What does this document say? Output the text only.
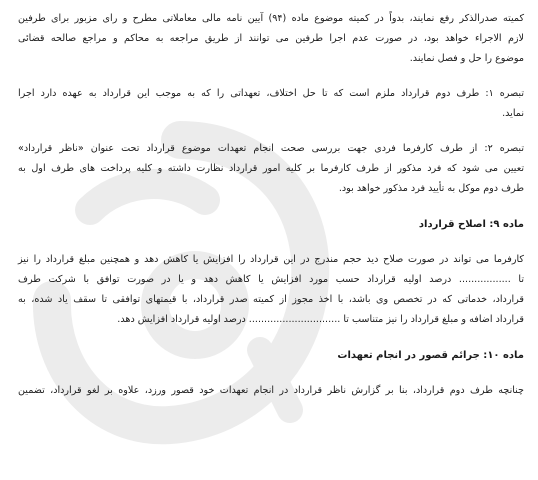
کمیته صدرالذکر رفع نمایند، بدواً در کمیته موضوع ماده (۹۴) آیین نامه مالی معاملاتی مطرح و رای مزبور برای طرفین
لازم الاجراء خواهد بود، در صورت عدم اجرا طرفین می توانند از طریق مراجعه به محاکم و مراجع صالحه قضائی
موضوع را حل و فصل نمایند.
تبصره ۱: طرف دوم قرارداد ملزم است که تا حل اختلاف، تعهداتی را که به موجب این قرارداد به عهده دارد اجرا
نماید.
تبصره ۲: از طرف کارفرما فردی جهت بررسی صحت انجام تعهدات موضوع قرارداد تحت عنوان «ناظر قرارداد»
تعیین می شود که فرد مذکور از طرف کارفرما بر کلیه امور قرارداد نظارت داشته و کلیه پرداخت های طرف اول به
طرف دوم موکل به تأیید فرد مذکور خواهد بود.
ماده ۹: اصلاح قرارداد
کارفرما می تواند در صورت صلاح دید حجم مندرج در این قرارداد را افزایش یا کاهش دهد و همچنین مبلغ قرارداد را نیز
تا ................. درصد اولیه قرارداد حسب مورد افزایش یا کاهش دهد و یا در صورت توافق با شرکت طرف
قرارداد، خدماتی که در تخصص وی باشد، با اخذ مجوز از کمیته صدر قرارداد، با قیمتهای توافقی تا سقف یاد شده، به
قرارداد اضافه و مبلغ قرارداد را نیز متناسب تا .............................. درصد اولیه قرارداد افزایش دهد.
ماده ۱۰: جرائم قصور در انجام تعهدات
چنانچه طرف دوم قرارداد، بنا بر گزارش ناظر قرارداد در انجام تعهدات خود قصور ورزد، علاوه بر لغو قرارداد، تضمین
